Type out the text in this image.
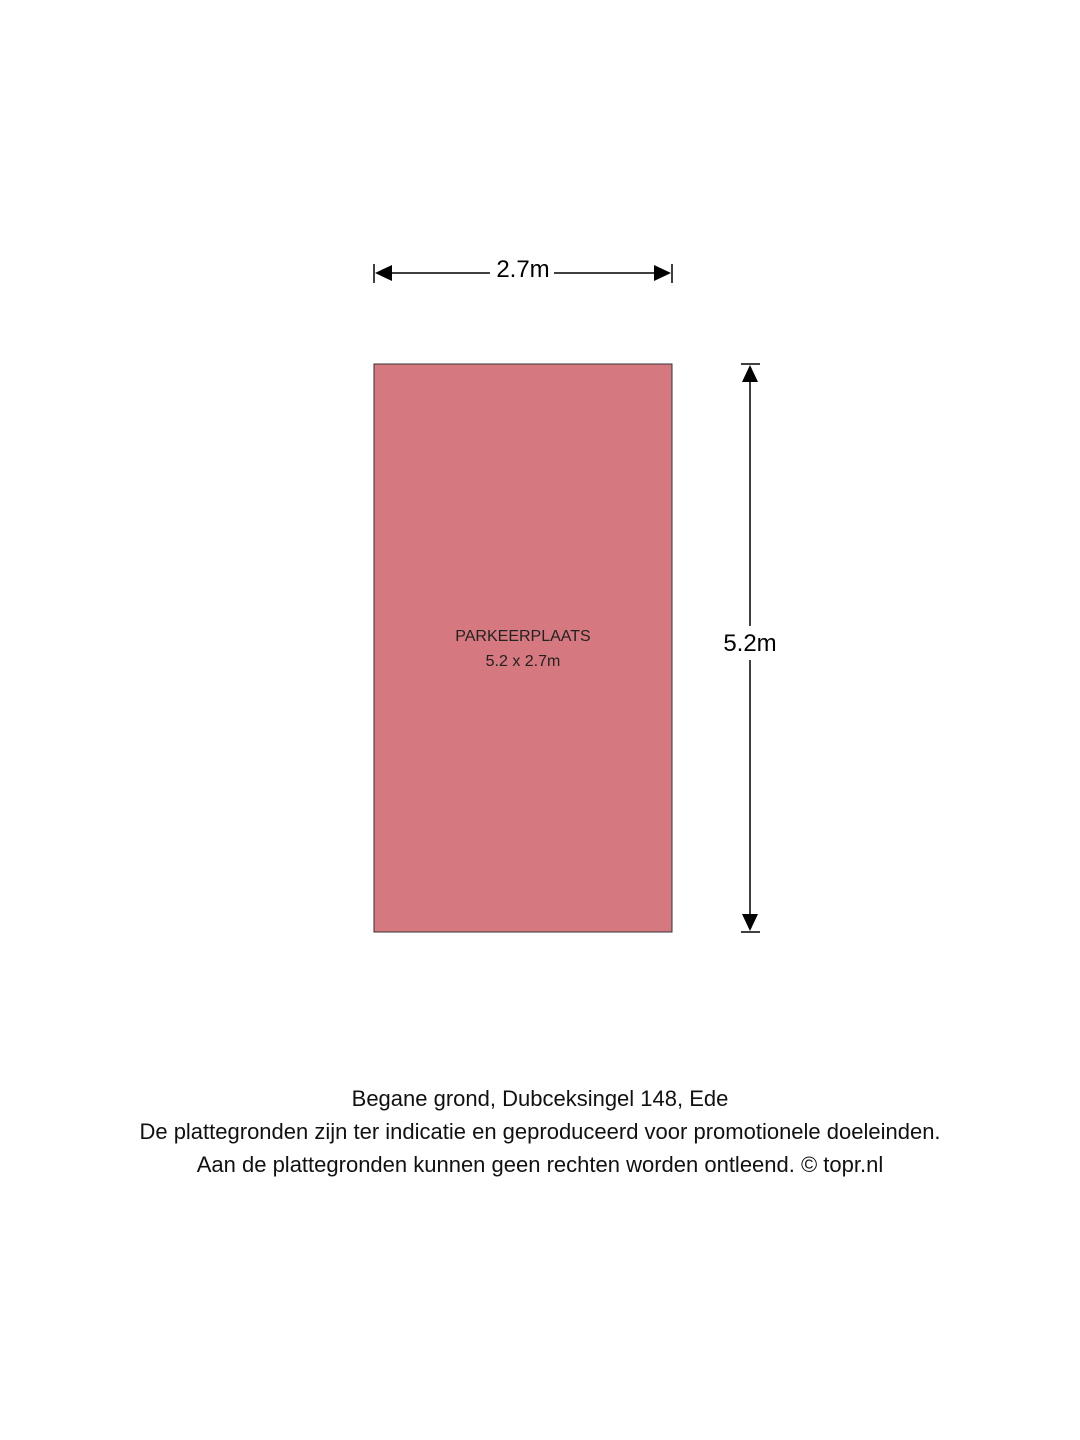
2.7m
PARKEERPLAATS
5.2 x 2.7m
5.2m
Begane grond, Dubceksingel 148, Ede
De plattegronden zijn ter indicatie en geproduceerd voor promotionele doeleinden.
Aan de plattegronden kunnen geen rechten worden ontleend. © topr.nl
